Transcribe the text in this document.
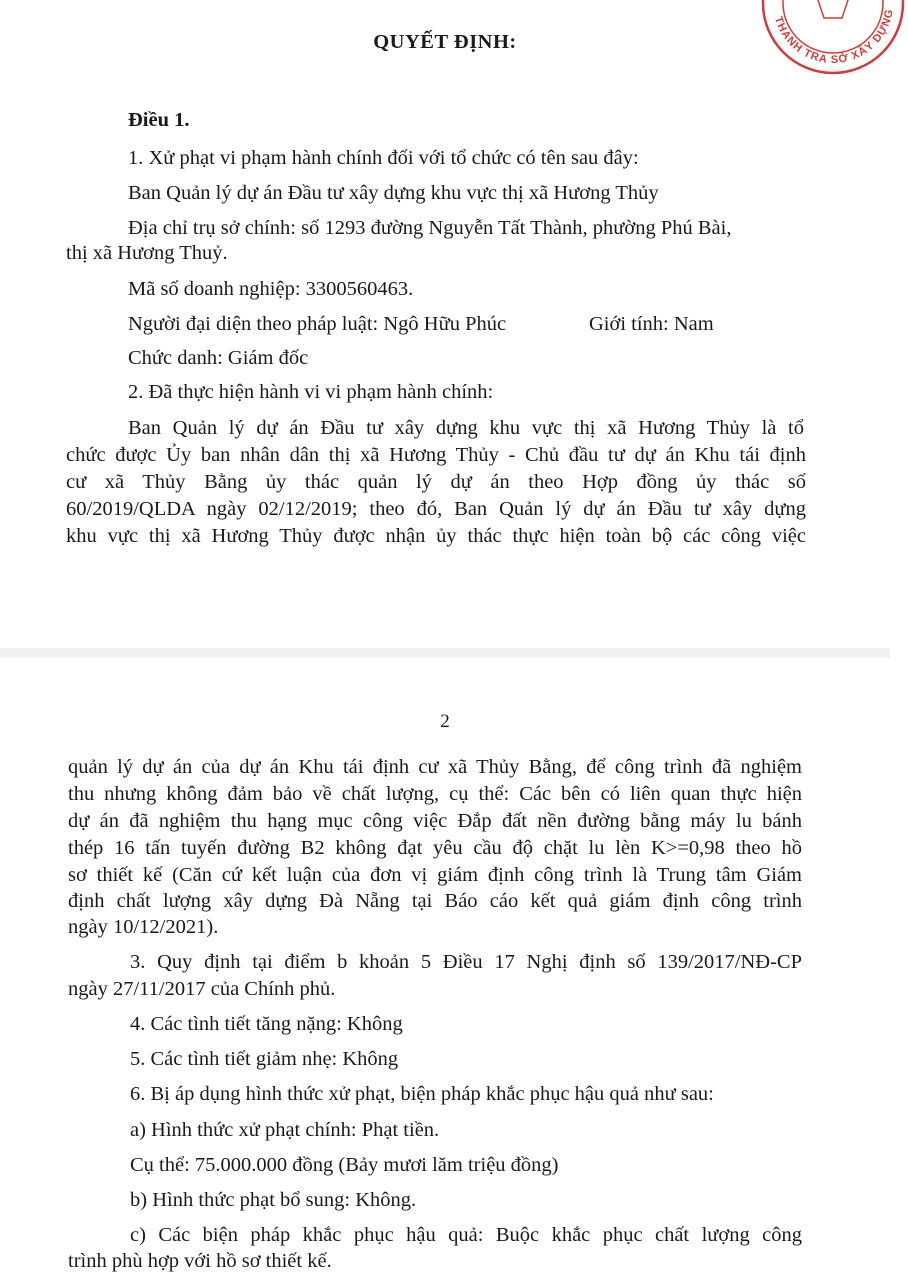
THANH TRA SỞ XÂY DỰNG
QUYẾT ĐỊNH:
Điều 1.
1. Xử phạt vi phạm hành chính đối với tổ chức có tên sau đây:
Ban Quản lý dự án Đầu tư xây dựng khu vực thị xã Hương Thủy
Địa chỉ trụ sở chính: số 1293 đường Nguyễn Tất Thành, phường Phú Bài,
thị xã Hương Thuỷ.
Mã số doanh nghiệp: 3300560463.
Người đại diện theo pháp luật: Ngô Hữu Phúc	Giới tính: Nam
Chức danh: Giám đốc
2. Đã thực hiện hành vi vi phạm hành chính:
Ban Quản lý dự án Đầu tư xây dựng khu vực thị xã Hương Thủy là tổ
chức được Ủy ban nhân dân thị xã Hương Thủy - Chủ đầu tư dự án Khu tái định
cư xã Thủy Bằng ủy thác quản lý dự án theo Hợp đồng ủy thác số
60/2019/QLDA ngày 02/12/2019; theo đó, Ban Quản lý dự án Đầu tư xây dựng
khu vực thị xã Hương Thủy được nhận ủy thác thực hiện toàn bộ các công việc
2
quản lý dự án của dự án Khu tái định cư xã Thủy Bằng, để công trình đã nghiệm
thu nhưng không đảm bảo về chất lượng, cụ thể: Các bên có liên quan thực hiện
dự án đã nghiệm thu hạng mục công việc Đắp đất nền đường bằng máy lu bánh
thép 16 tấn tuyến đường B2 không đạt yêu cầu độ chặt lu lèn K>=0,98 theo hồ
sơ thiết kế (Căn cứ kết luận của đơn vị giám định công trình là Trung tâm Giám
định chất lượng xây dựng Đà Nẵng tại Báo cáo kết quả giám định công trình
ngày 10/12/2021).
3. Quy định tại điểm b khoản 5 Điều 17 Nghị định số 139/2017/NĐ-CP
ngày 27/11/2017 của Chính phủ.
4. Các tình tiết tăng nặng: Không
5. Các tình tiết giảm nhẹ: Không
6. Bị áp dụng hình thức xử phạt, biện pháp khắc phục hậu quả như sau:
a) Hình thức xử phạt chính: Phạt tiền.
Cụ thể: 75.000.000 đồng (Bảy mươi lăm triệu đồng)
b) Hình thức phạt bổ sung: Không.
c) Các biện pháp khắc phục hậu quả: Buộc khắc phục chất lượng công
trình phù hợp với hồ sơ thiết kế.
